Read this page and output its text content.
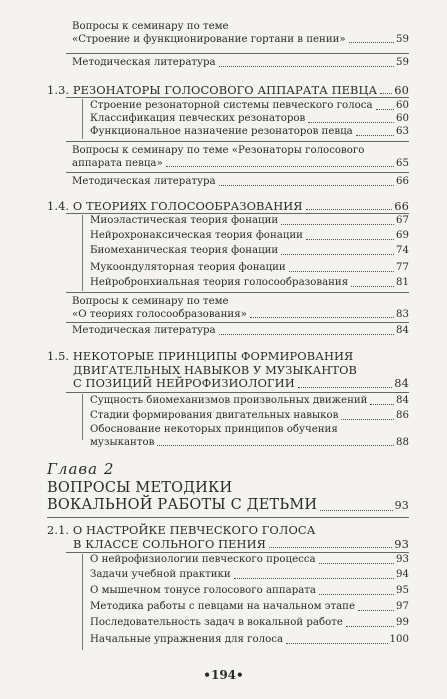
Вопросы к семинару по теме
«Строение и функционирование гортани в пении»	59
Методическая литература	59
1.3. РЕЗОНАТОРЫ ГОЛОСОВОГО АППАРАТА ПЕВЦА 60
Строение резонаторной системы певческого голоса 60
Классификация певческих резонаторов	60
Функциональное назначение резонаторов певца	63
Вопросы к семинару по теме «Резонаторы голосового
аппарата певца»	65
Методическая литература	66
1.4. О ТЕОРИЯХ ГОЛОСООБРАЗОВАНИЯ	66
Миоэластическая теория фонации	67
Нейрохронаксическая теория фонации	69
Биомеханическая теория фонации	74
Мукоондуляторная теория фонации	77
Нейробронхиальная теория голосообразования	81
Вопросы к семинару по теме
«О теориях голосообразования»	83
Методическая литература	84
1.5. НЕКОТОРЫЕ ПРИНЦИПЫ ФОРМИРОВАНИЯ
ДВИГАТЕЛЬНЫХ НАВЫКОВ У МУЗЫКАНТОВ
С ПОЗИЦИЙ НЕЙРОФИЗИОЛОГИИ	84
Сущность биомеханизмов произвольных движений	84
Стадии формирования двигательных навыков	86
Обоснование некоторых принципов обучения
музыкантов	88
Глава 2
ВОПРОСЫ МЕТОДИКИ
ВОКАЛЬНОЙ РАБОТЫ С ДЕТЬМИ	93
2.1. О НАСТРОЙКЕ ПЕВЧЕСКОГО ГОЛОСА
В КЛАССЕ СОЛЬНОГО ПЕНИЯ	93
О нейрофизиологии певческого процесса	93
Задачи учебной практики	94
О мышечном тонусе голосового аппарата	95
Методика работы с певцами на начальном этапе	97
Последовательность задач в вокальной работе	99
Начальные упражнения для голоса	100
•194•
